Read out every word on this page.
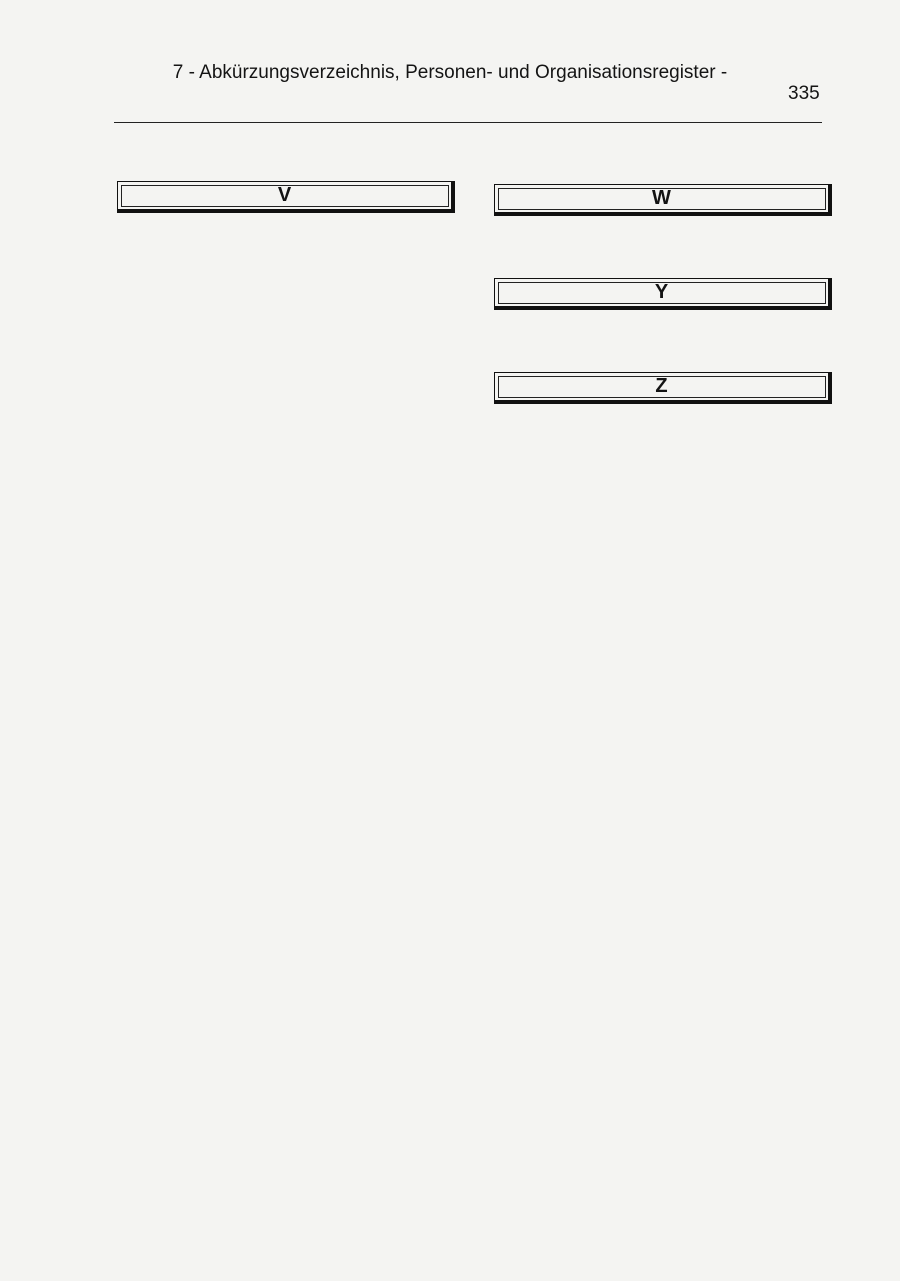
7 - Abkürzungsverzeichnis, Personen- und Organisationsregister -
335
V	W
Y
Z
